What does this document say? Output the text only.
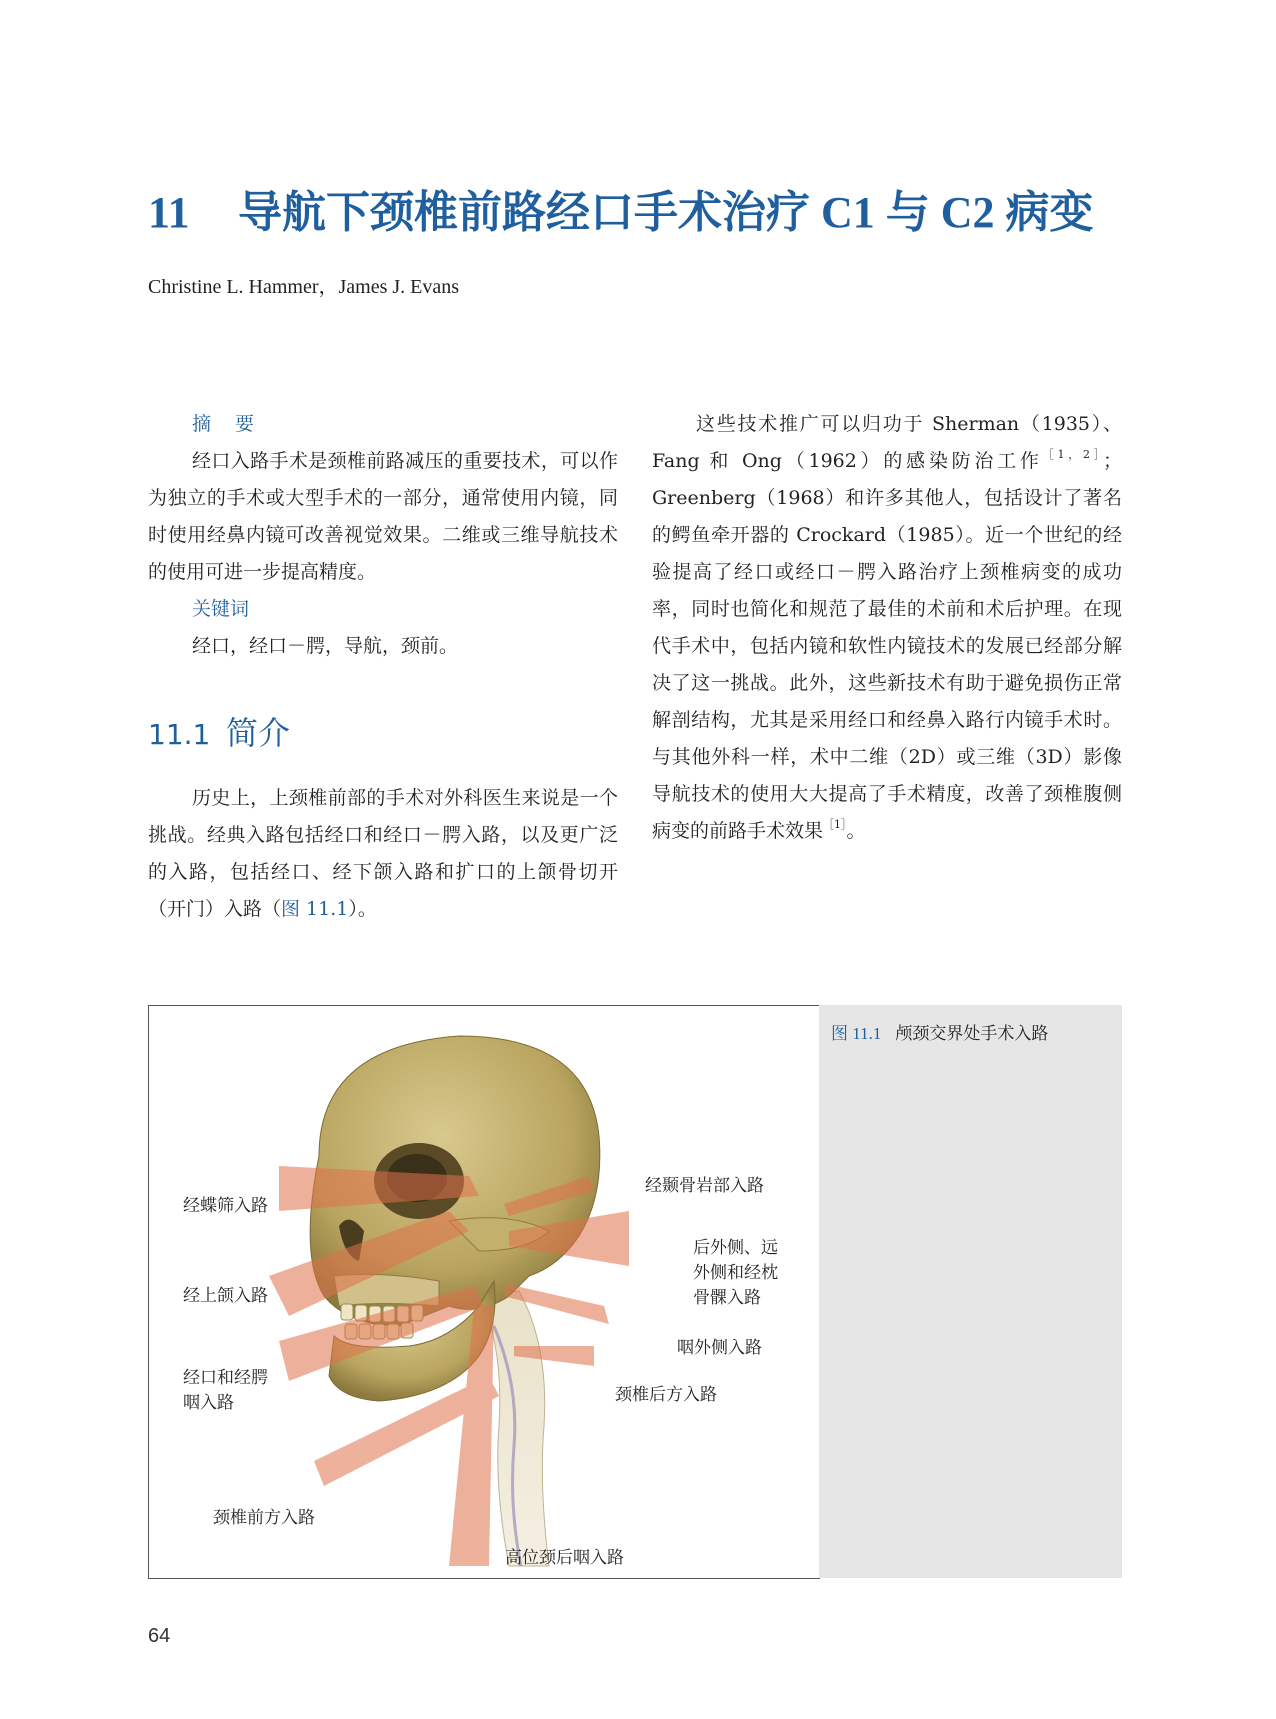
11 导航下颈椎前路经口手术治疗 C1 与 C2 病变
Christine L. Hammer，James J. Evans
摘 要

经口入路手术是颈椎前路减压的重要技术，可以作为独立的手术或大型手术的一部分，通常使用内镜，同时使用经鼻内镜可改善视觉效果。二维或三维导航技术的使用可进一步提高精度。

关键词

经口，经口－腭，导航，颈前。

11.1 简介

历史上，上颈椎前部的手术对外科医生来说是一个挑战。经典入路包括经口和经口－腭入路，以及更广泛的入路，包括经口、经下颌入路和扩口的上颌骨切开（开门）入路（图 11.1）。

这些技术推广可以归功于 Sherman（1935）、Fang 和 Ong（1962）的感染防治工作$^{[1,2]}$；Greenberg（1968）和许多其他人，包括设计了著名的鳄鱼牵开器的 Crockard（1985）。近一个世纪的经验提高了经口或经口－腭入路治疗上颈椎病变的成功率，同时也简化和规范了最佳的术前和术后护理。在现代手术中，包括内镜和软性内镜技术的发展已经部分解决了这一挑战。此外，这些新技术有助于避免损伤正常解剖结构，尤其是采用经口和经鼻入路行内镜手术时。与其他外科一样，术中二维（2D）或三维（3D）影像导航技术的使用大大提高了手术精度，改善了颈椎腹侧病变的前路手术效果$^{[1]}$。

经蝶筛入路
经上颌入路
经口和经腭
咽入路
颈椎前方入路
高位颈后咽入路
经颞骨岩部入路
后外侧、远
外侧和经枕
骨髁入路
咽外侧入路
颈椎后方入路
图 11.1 颅颈交界处手术入路
64
